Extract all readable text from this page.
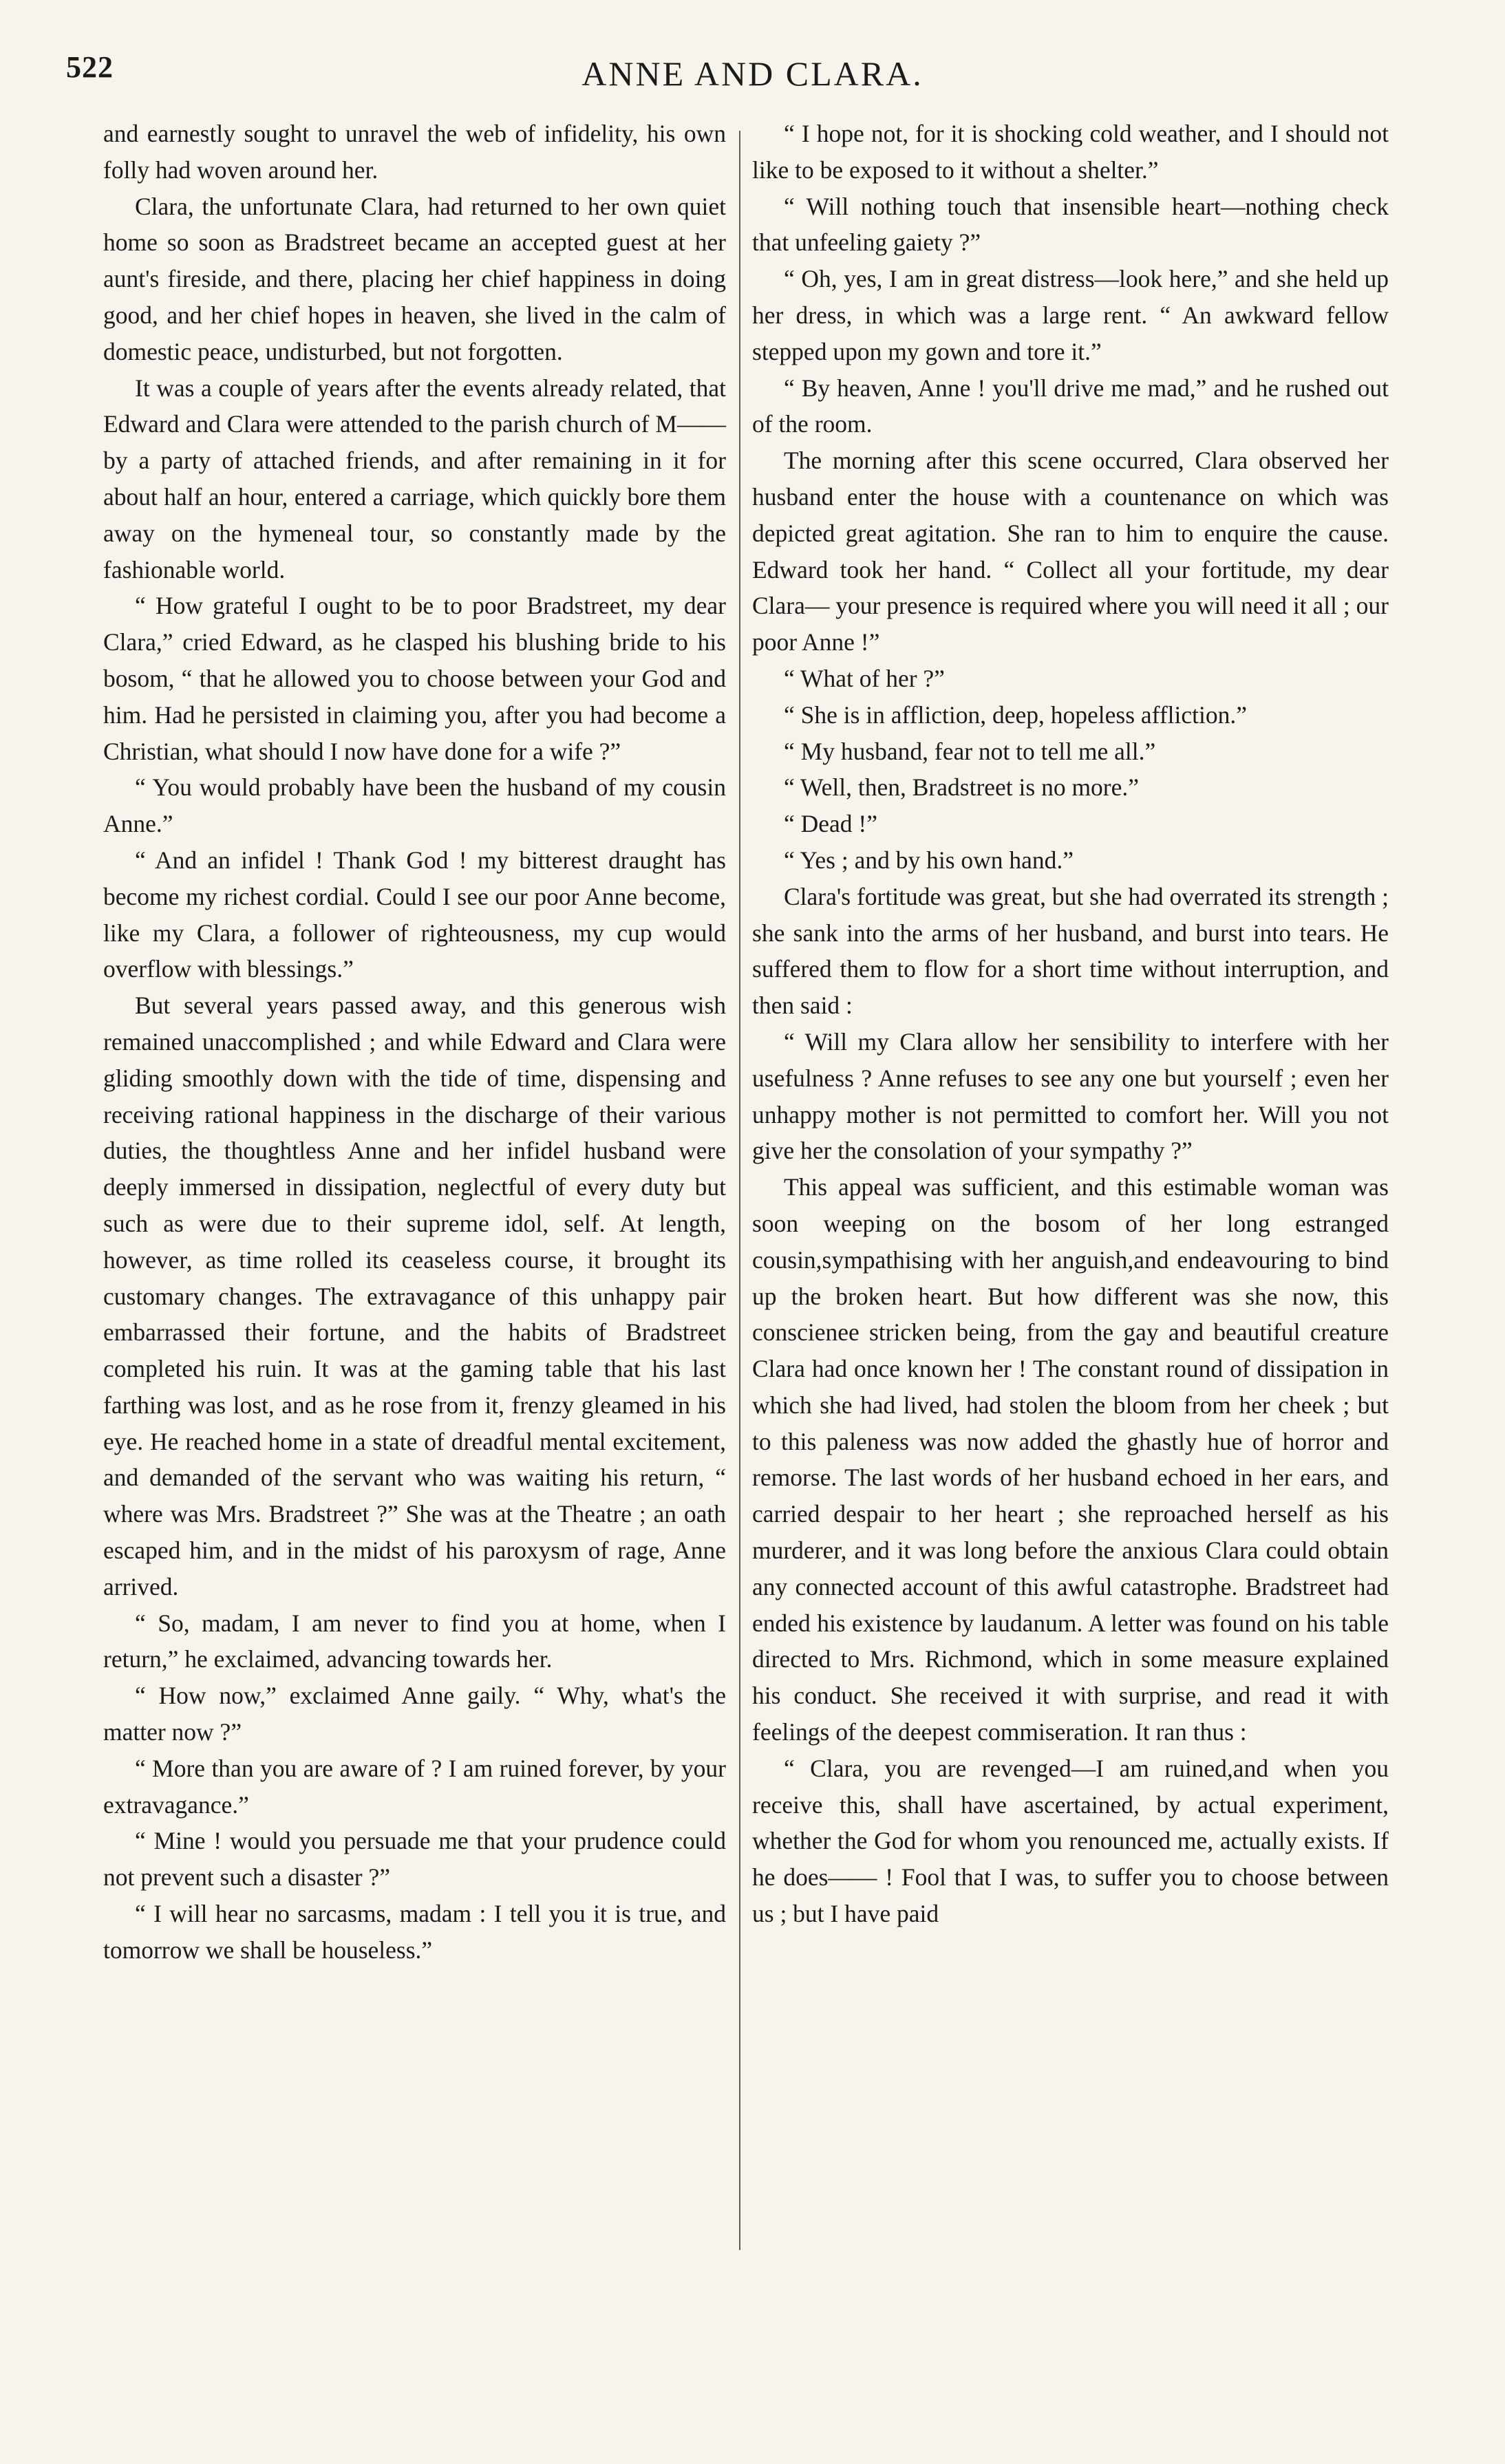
522	ANNE AND CLARA.

and earnestly sought to unravel the web of infidelity, his own folly had woven around her.

Clara, the unfortunate Clara, had returned to her own quiet home so soon as Bradstreet became an accepted guest at her aunt's fireside, and there, placing her chief happiness in doing good, and her chief hopes in heaven, she lived in the calm of domestic peace, undisturbed, but not forgotten.

It was a couple of years after the events already related, that Edward and Clara were attended to the parish church of M—— by a party of attached friends, and after remaining in it for about half an hour, entered a carriage, which quickly bore them away on the hymeneal tour, so constantly made by the fashionable world.

“ How grateful I ought to be to poor Bradstreet, my dear Clara,” cried Edward, as he clasped his blushing bride to his bosom, “ that he allowed you to choose between your God and him. Had he persisted in claiming you, after you had become a Christian, what should I now have done for a wife ?”

“ You would probably have been the husband of my cousin Anne.”

“ And an infidel ! Thank God ! my bitterest draught has become my richest cordial. Could I see our poor Anne become, like my Clara, a follower of righteousness, my cup would overflow with blessings.”

But several years passed away, and this generous wish remained unaccomplished ; and while Edward and Clara were gliding smoothly down with the tide of time, dispensing and receiving rational happiness in the discharge of their various duties, the thoughtless Anne and her infidel husband were deeply immersed in dissipation, neglectful of every duty but such as were due to their supreme idol, self. At length, however, as time rolled its ceaseless course, it brought its customary changes. The extravagance of this unhappy pair embarrassed their fortune, and the habits of Bradstreet completed his ruin. It was at the gaming table that his last farthing was lost, and as he rose from it, frenzy gleamed in his eye. He reached home in a state of dreadful mental excitement, and demanded of the servant who was waiting his return, “ where was Mrs. Bradstreet ?” She was at the Theatre ; an oath escaped him, and in the midst of his paroxysm of rage, Anne arrived.

“ So, madam, I am never to find you at home, when I return,” he exclaimed, advancing towards her.

“ How now,” exclaimed Anne gaily. “ Why, what's the matter now ?”

“ More than you are aware of ? I am ruined forever, by your extravagance.”

“ Mine ! would you persuade me that your prudence could not prevent such a disaster ?”

“ I will hear no sarcasms, madam : I tell you it is true, and tomorrow we shall be houseless.”

“ I hope not, for it is shocking cold weather, and I should not like to be exposed to it without a shelter.”

“ Will nothing touch that insensible heart—nothing check that unfeeling gaiety ?”

“ Oh, yes, I am in great distress—look here,” and she held up her dress, in which was a large rent. “ An awkward fellow stepped upon my gown and tore it.”

“ By heaven, Anne ! you'll drive me mad,” and he rushed out of the room.

The morning after this scene occurred, Clara observed her husband enter the house with a countenance on which was depicted great agitation. She ran to him to enquire the cause. Edward took her hand. “ Collect all your fortitude, my dear Clara— your presence is required where you will need it all ; our poor Anne !”

“ What of her ?”

“ She is in affliction, deep, hopeless affliction.”

“ My husband, fear not to tell me all.”

“ Well, then, Bradstreet is no more.”

“ Dead !”

“ Yes ; and by his own hand.”

Clara's fortitude was great, but she had overrated its strength ; she sank into the arms of her husband, and burst into tears. He suffered them to flow for a short time without interruption, and then said :

“ Will my Clara allow her sensibility to interfere with her usefulness ? Anne refuses to see any one but yourself ; even her unhappy mother is not permitted to comfort her. Will you not give her the consolation of your sympathy ?”

This appeal was sufficient, and this estimable woman was soon weeping on the bosom of her long estranged cousin,sympathising with her anguish,and endeavouring to bind up the broken heart. But how different was she now, this conscienee stricken being, from the gay and beautiful creature Clara had once known her ! The constant round of dissipation in which she had lived, had stolen the bloom from her cheek ; but to this paleness was now added the ghastly hue of horror and remorse. The last words of her husband echoed in her ears, and carried despair to her heart ; she reproached herself as his murderer, and it was long before the anxious Clara could obtain any connected account of this awful catastrophe. Bradstreet had ended his existence by laudanum. A letter was found on his table directed to Mrs. Richmond, which in some measure explained his conduct. She received it with surprise, and read it with feelings of the deepest commiseration. It ran thus :

“ Clara, you are revenged—I am ruined,and when you receive this, shall have ascertained, by actual experiment, whether the God for whom you renounced me, actually exists. If he does—— ! Fool that I was, to suffer you to choose between us ; but I have paid
